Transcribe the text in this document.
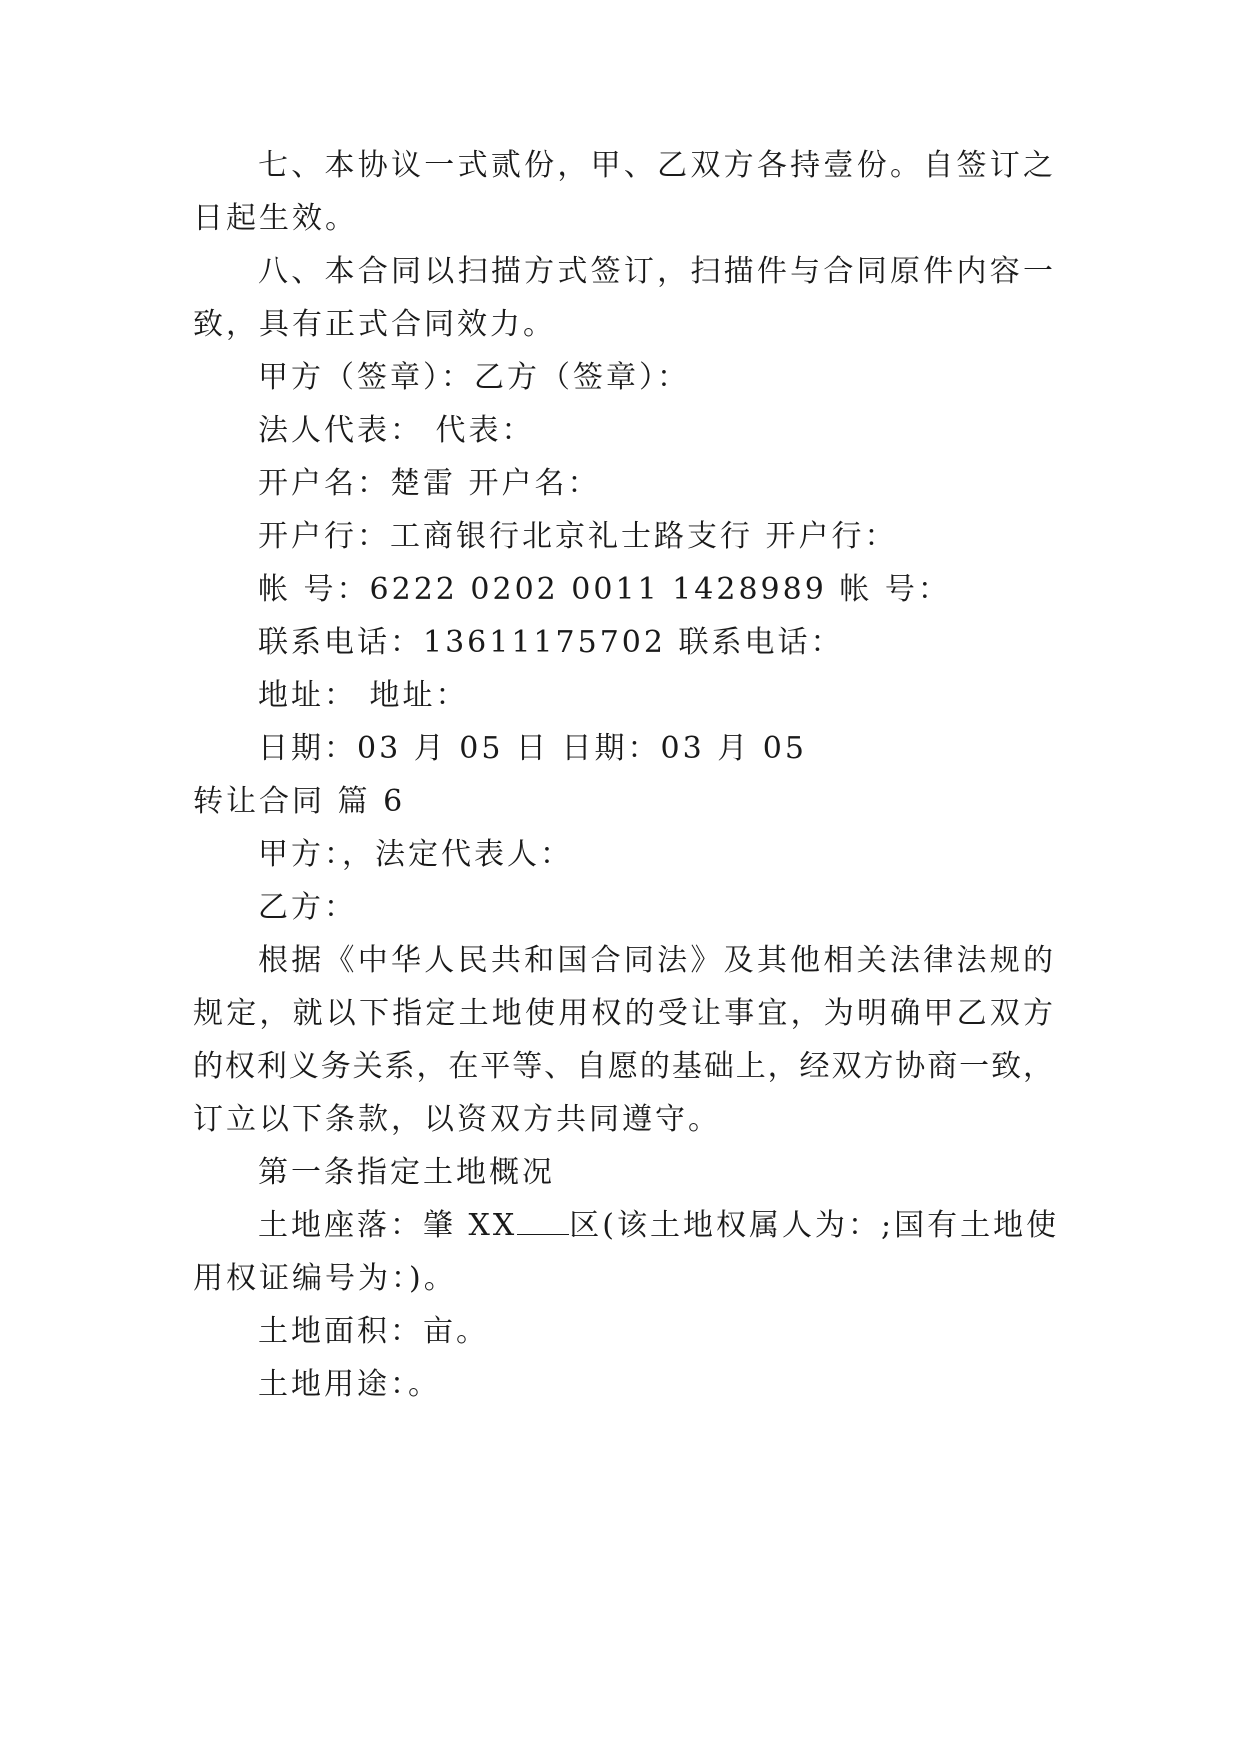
七、本协议一式贰份，甲、乙双方各持壹份。自签订之
日起生效。
八、本合同以扫描方式签订，扫描件与合同原件内容一
致，具有正式合同效力。
甲方（签章）：乙方（签章）：
法人代表： 代表：
开户名：楚雷 开户名：
开户行：工商银行北京礼士路支行 开户行：
帐 号：6222 0202 0011 1428989 帐 号：
联系电话：13611175702 联系电话：
地址： 地址：
日期：03 月 05 日 日期：03 月 05
转让合同 篇 6
甲方：，法定代表人：
乙方：
根据《中华人民共和国合同法》及其他相关法律法规的
规定，就以下指定土地使用权的受让事宜，为明确甲乙双方
的权利义务关系，在平等、自愿的基础上，经双方协商一致，
订立以下条款，以资双方共同遵守。
第一条指定土地概况
土地座落：肇 XX 区(该土地权属人为：;国有土地使
用权证编号为：)。
土地面积：亩。
土地用途：。
